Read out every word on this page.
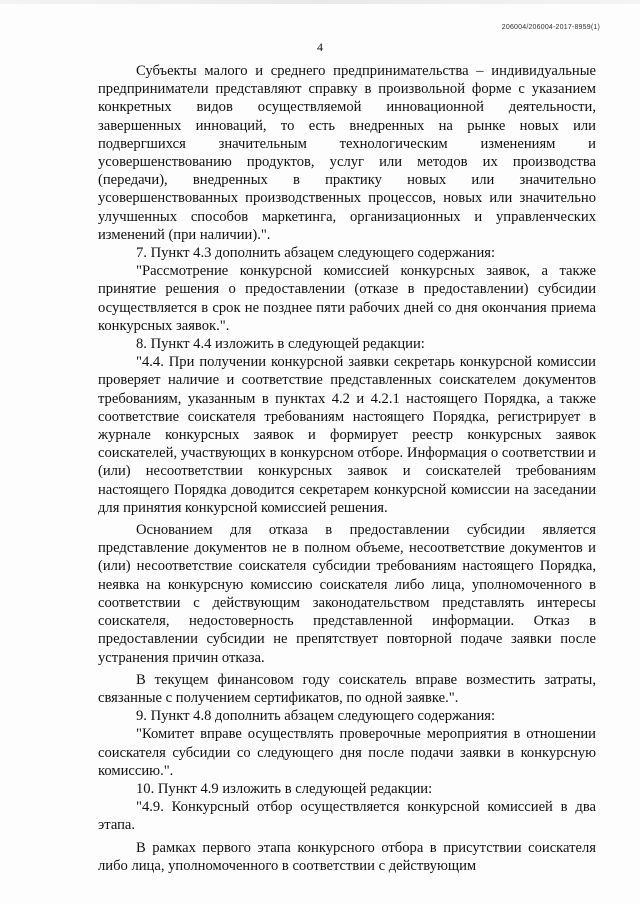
206004/206004-2017-8959(1)
4

Субъекты малого и среднего предпринимательства – индивидуальные предприниматели представляют справку в произвольной форме с указанием конкретных видов осуществляемой инновационной деятельности, завершенных инноваций, то есть внедренных на рынке новых или подвергшихся значительным технологическим изменениям и усовершенствованию продуктов, услуг или методов их производства (передачи), внедренных в практику новых или значительно усовершенствованных производственных процессов, новых или значительно улучшенных способов маркетинга, организационных и управленческих изменений (при наличии).".

7. Пункт 4.3 дополнить абзацем следующего содержания:

"Рассмотрение конкурсной комиссией конкурсных заявок, а также принятие решения о предоставлении (отказе в предоставлении) субсидии осуществляется в срок не позднее пяти рабочих дней со дня окончания приема конкурсных заявок.".

8. Пункт 4.4 изложить в следующей редакции:

"4.4. При получении конкурсной заявки секретарь конкурсной комиссии проверяет наличие и соответствие представленных соискателем документов требованиям, указанным в пунктах 4.2 и 4.2.1 настоящего Порядка, а также соответствие соискателя требованиям настоящего Порядка, регистрирует в журнале конкурсных заявок и формирует реестр конкурсных заявок соискателей, участвующих в конкурсном отборе. Информация о соответствии и (или) несоответствии конкурсных заявок и соискателей требованиям настоящего Порядка доводится секретарем конкурсной комиссии на заседании для принятия конкурсной комиссией решения.

Основанием для отказа в предоставлении субсидии является представление документов не в полном объеме, несоответствие документов и (или) несоответствие соискателя субсидии требованиям настоящего Порядка, неявка на конкурсную комиссию соискателя либо лица, уполномоченного в соответствии с действующим законодательством представлять интересы соискателя, недостоверность представленной информации. Отказ в предоставлении субсидии не препятствует повторной подаче заявки после устранения причин отказа.

В текущем финансовом году соискатель вправе возместить затраты, связанные с получением сертификатов, по одной заявке.".

9. Пункт 4.8 дополнить абзацем следующего содержания:

"Комитет вправе осуществлять проверочные мероприятия в отношении соискателя субсидии со следующего дня после подачи заявки в конкурсную комиссию.".

10. Пункт 4.9 изложить в следующей редакции:

"4.9. Конкурсный отбор осуществляется конкурсной комиссией в два этапа.

В рамках первого этапа конкурсного отбора в присутствии соискателя либо лица, уполномоченного в соответствии с действующим
